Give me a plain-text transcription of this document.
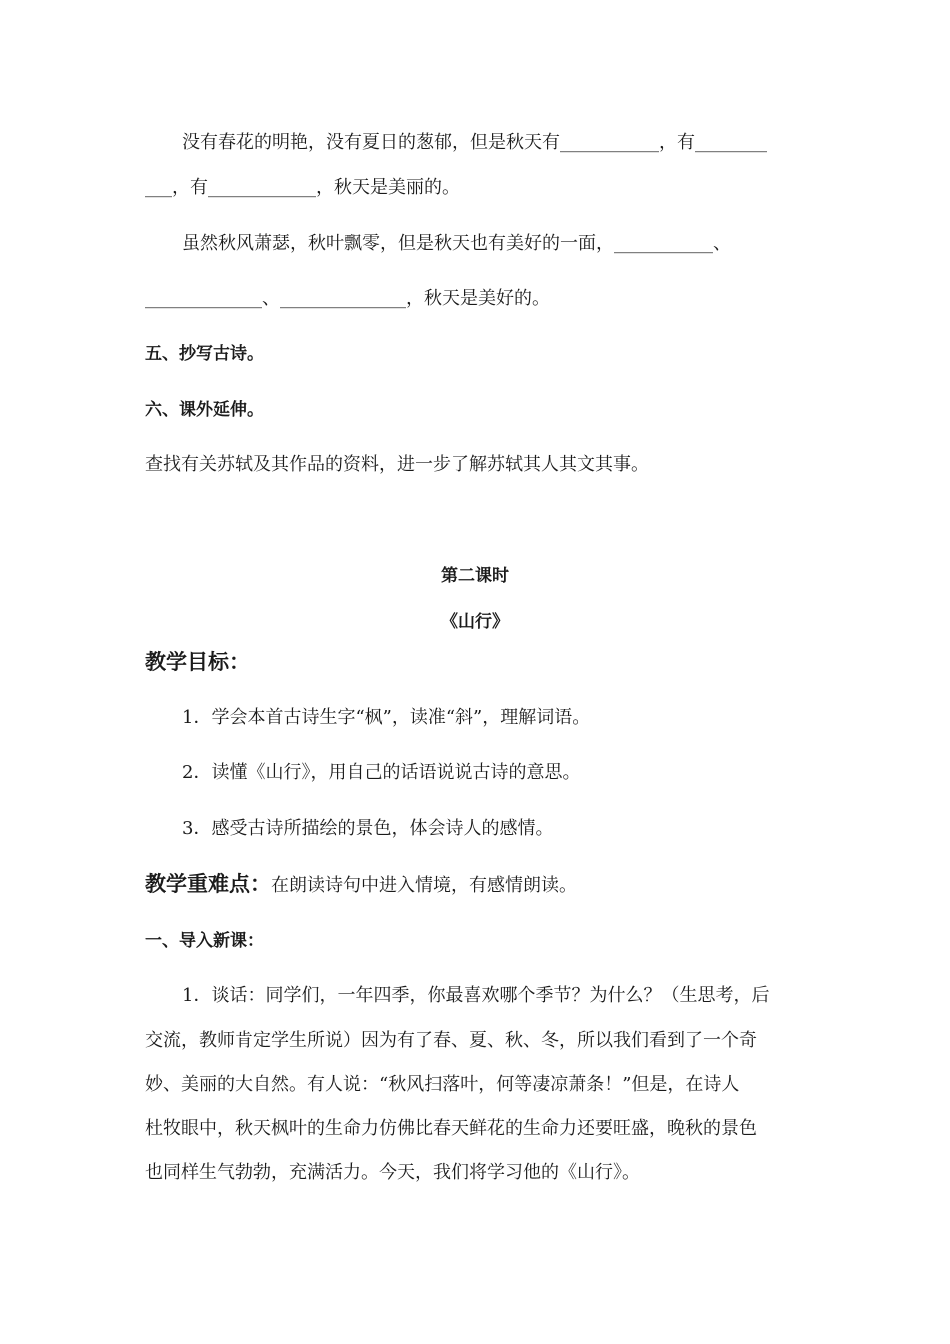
没有春花的明艳，没有夏日的葱郁，但是秋天有___________，有________
___，有____________，秋天是美丽的。
虽然秋风萧瑟，秋叶飘零，但是秋天也有美好的一面，___________、
_____________、______________，秋天是美好的。
五、抄写古诗。
六、课外延伸。
查找有关苏轼及其作品的资料，进一步了解苏轼其人其文其事。
第二课时
《山行》
教学目标：
1．学会本首古诗生字“枫”，读准“斜”，理解词语。
2．读懂《山行》，用自己的话语说说古诗的意思。
3．感受古诗所描绘的景色，体会诗人的感情。
教学重难点：在朗读诗句中进入情境，有感情朗读。
一、导入新课：
1．谈话：同学们，一年四季，你最喜欢哪个季节？为什么？（生思考，后
交流，教师肯定学生所说）因为有了春、夏、秋、冬，所以我们看到了一个奇
妙、美丽的大自然。有人说：“秋风扫落叶，何等凄凉萧条！”但是，在诗人
杜牧眼中，秋天枫叶的生命力仿佛比春天鲜花的生命力还要旺盛，晚秋的景色
也同样生气勃勃，充满活力。今天，我们将学习他的《山行》。
